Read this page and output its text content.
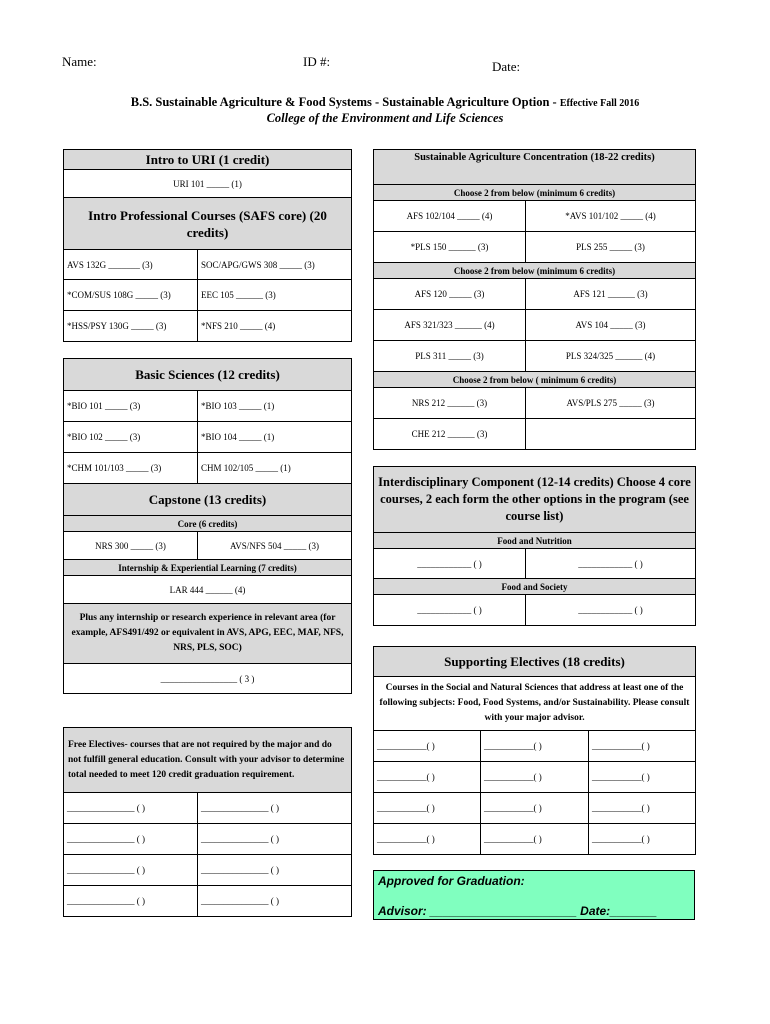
Name:	ID #:	Date:
B.S. Sustainable Agriculture & Food Systems - Sustainable Agriculture Option - Effective Fall 2016
College of the Environment and Life Sciences
Intro to URI (1 credit)	
URI 101 _____ (1)	
Intro Professional Courses (SAFS core) (20 credits)	
AVS 132G _______ (3)	SOC/APG/GWS 308 _____ (3)
*COM/SUS 108G _____ (3)	EEC 105 ______ (3)
*HSS/PSY 130G _____ (3)	*NFS 210 _____ (4)
Basic Sciences (12 credits)	
*BIO 101 _____ (3)	*BIO 103 _____ (1)
*BIO 102 _____ (3)	*BIO 104 _____ (1)
*CHM 101/103 _____ (3)	CHM 102/105 _____ (1)
Capstone (13 credits)	
Core (6 credits)	
NRS 300 _____ (3)	AVS/NFS 504 _____ (3)
Internship & Experiential Learning (7 credits)	
LAR 444 ______ (4)	
Plus any internship or research experience in relevant area (for example, AFS491/492 or equivalent in AVS, APG, EEC, MAF, NFS, NRS, PLS, SOC)	
_________________ ( 3 )	
Free Electives- courses that are not required by the major and do not fulfill general education. Consult with your advisor to determine total needed to meet 120 credit graduation requirement.	
_______________ ( )	_______________ ( )
_______________ ( )	_______________ ( )
_______________ ( )	_______________ ( )
_______________ ( )	_______________ ( )
Sustainable Agriculture Concentration (18-22 credits)	
Choose 2 from below (minimum 6 credits)	
AFS 102/104 _____ (4)	*AVS 101/102 _____ (4)
*PLS 150 ______ (3)	PLS 255 _____ (3)
Choose 2 from below (minimum 6 credits)	
AFS 120 _____ (3)	AFS 121 ______ (3)
AFS 321/323 ______ (4)	AVS 104 _____ (3)
PLS 311 _____ (3)	PLS 324/325 ______ (4)
Choose 2 from below ( minimum 6 credits)	
NRS 212 ______ (3)	AVS/PLS 275 _____ (3)
CHE 212 ______ (3)	
Interdisciplinary Component (12-14 credits) Choose 4 core courses, 2 each form the other options in the program (see course list)	
Food and Nutrition	
____________ ( )	____________ ( )
Food and Society	
____________ ( )	____________ ( )
Supporting Electives (18 credits)		
Courses in the Social and Natural Sciences that address at least one of the following subjects: Food, Food Systems, and/or Sustainability. Please consult with your major advisor.		
___________( )	___________( )	___________( )
___________( )	___________( )	___________( )
___________( )	___________( )	___________( )
___________( )	___________( )	___________( )
Approved for Graduation:
Advisor: ______________________ Date:_______
